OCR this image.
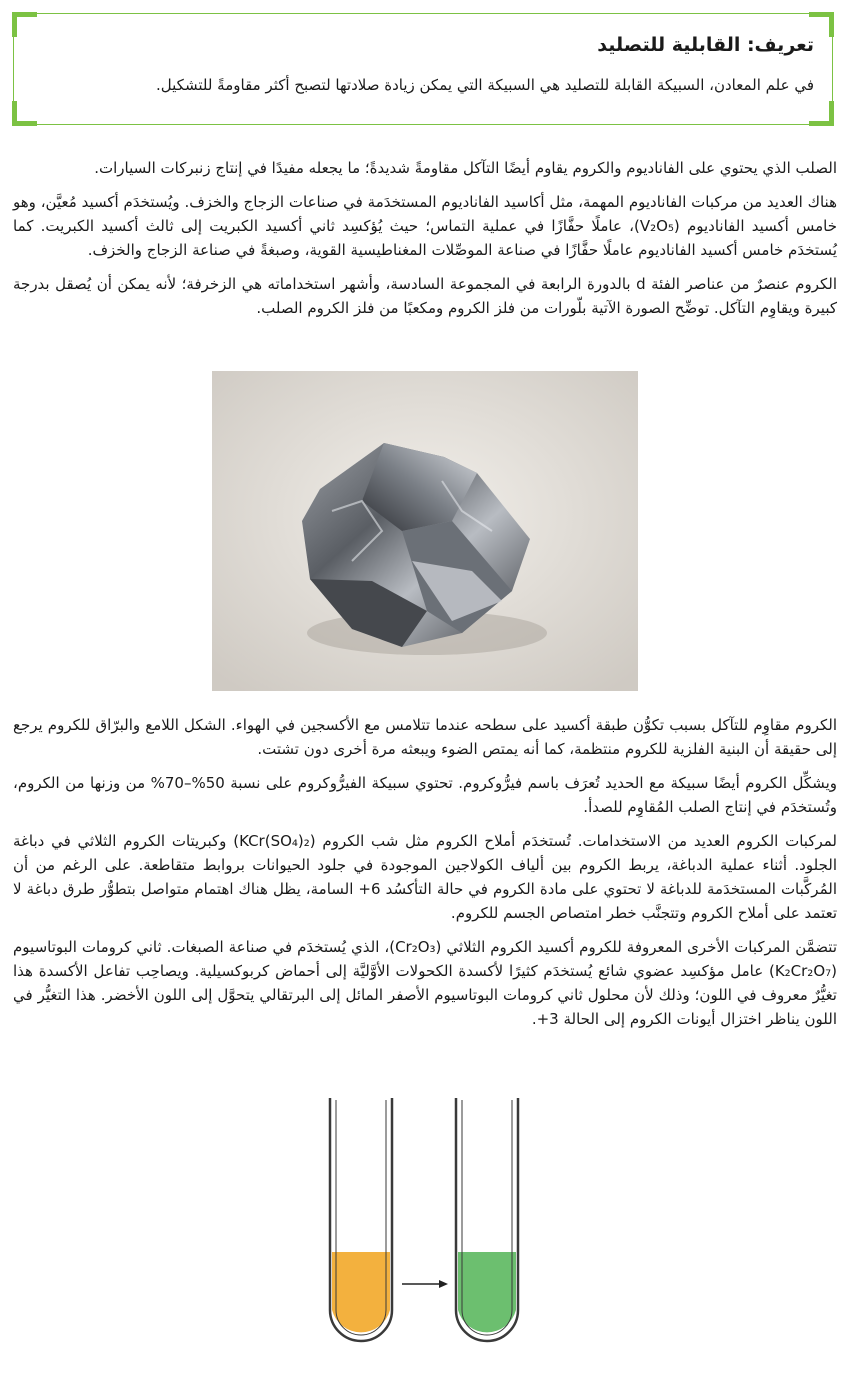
تعريف: القابلية للتصليد

في علم المعادن، السبيكة القابلة للتصليد هي السبيكة التي يمكن زيادة صلادتها لتصبح أكثر مقاومةً للتشكيل.

الصلب الذي يحتوي على الفاناديوم والكروم يقاوم أيضًا التآكل مقاومةً شديدةً؛ ما يجعله مفيدًا في إنتاج زنبركات السيارات.

هناك العديد من مركبات الفاناديوم المهمة، مثل أكاسيد الفاناديوم المستخدَمة في صناعات الزجاج والخزف. ويُستخدَم أكسيد مُعيَّن، وهو خامس أكسيد الفاناديوم (V₂O₅)، عاملًا حفَّازًا في عملية التماس؛ حيث يُؤكسِد ثاني أكسيد الكبريت إلى ثالث أكسيد الكبريت. كما يُستخدَم خامس أكسيد الفاناديوم عاملًا حفَّازًا في صناعة الموصِّلات المغناطيسية القوية، وصبغةً في صناعة الزجاج والخزف.

الكروم عنصرٌ من عناصر الفئة d بالدورة الرابعة في المجموعة السادسة، وأشهر استخداماته هي الزخرفة؛ لأنه يمكن أن يُصقل بدرجة كبيرة ويقاوِم التآكل. توضِّح الصورة الآتية بلّورات من فلز الكروم ومكعبًا من فلز الكروم الصلب.

الكروم مقاوِم للتآكل بسبب تكوُّن طبقة أكسيد على سطحه عندما تتلامس مع الأكسجين في الهواء. الشكل اللامع والبرّاق للكروم يرجع إلى حقيقة أن البنية الفلزية للكروم منتظمة، كما أنه يمتص الضوء ويبعثه مرة أخرى دون تشتت.

ويشكِّل الكروم أيضًا سبيكة مع الحديد تُعرَف باسم فيرُّوكروم. تحتوي سبيكة الفيرُّوكروم على نسبة 50%–70% من وزنها من الكروم، وتُستخدَم في إنتاج الصلب المُقاوِم للصدأ.

لمركبات الكروم العديد من الاستخدامات. تُستخدَم أملاح الكروم مثل شب الكروم (KCr(SO₄)₂) وكبريتات الكروم الثلاثي في دباغة الجلود. أثناء عملية الدباغة، يربط الكروم بين ألياف الكولاجين الموجودة في جلود الحيوانات بروابط متقاطعة. على الرغم من أن المُركَّبات المستخدَمة للدباغة لا تحتوي على مادة الكروم في حالة التأكسُد 6+ السامة، يظل هناك اهتمام متواصل بتطوُّر طرق دباغة لا تعتمد على أملاح الكروم وتتجنَّب خطر امتصاص الجسم للكروم.

تتضمَّن المركبات الأخرى المعروفة للكروم أكسيد الكروم الثلاثي (Cr₂O₃)، الذي يُستخدَم في صناعة الصبغات. ثاني كرومات البوتاسيوم (K₂Cr₂O₇) عامل مؤكسِد عضوي شائع يُستخدَم كثيرًا لأكسدة الكحولات الأوَّليَّة إلى أحماض كربوكسيلية. ويصاحِب تفاعل الأكسدة هذا تغيُّرٌ معروف في اللون؛ وذلك لأن محلول ثاني كرومات البوتاسيوم الأصفر المائل إلى البرتقالي يتحوَّل إلى اللون الأخضر. هذا التغيُّر في اللون يناظر اختزال أيونات الكروم إلى الحالة 3+.
